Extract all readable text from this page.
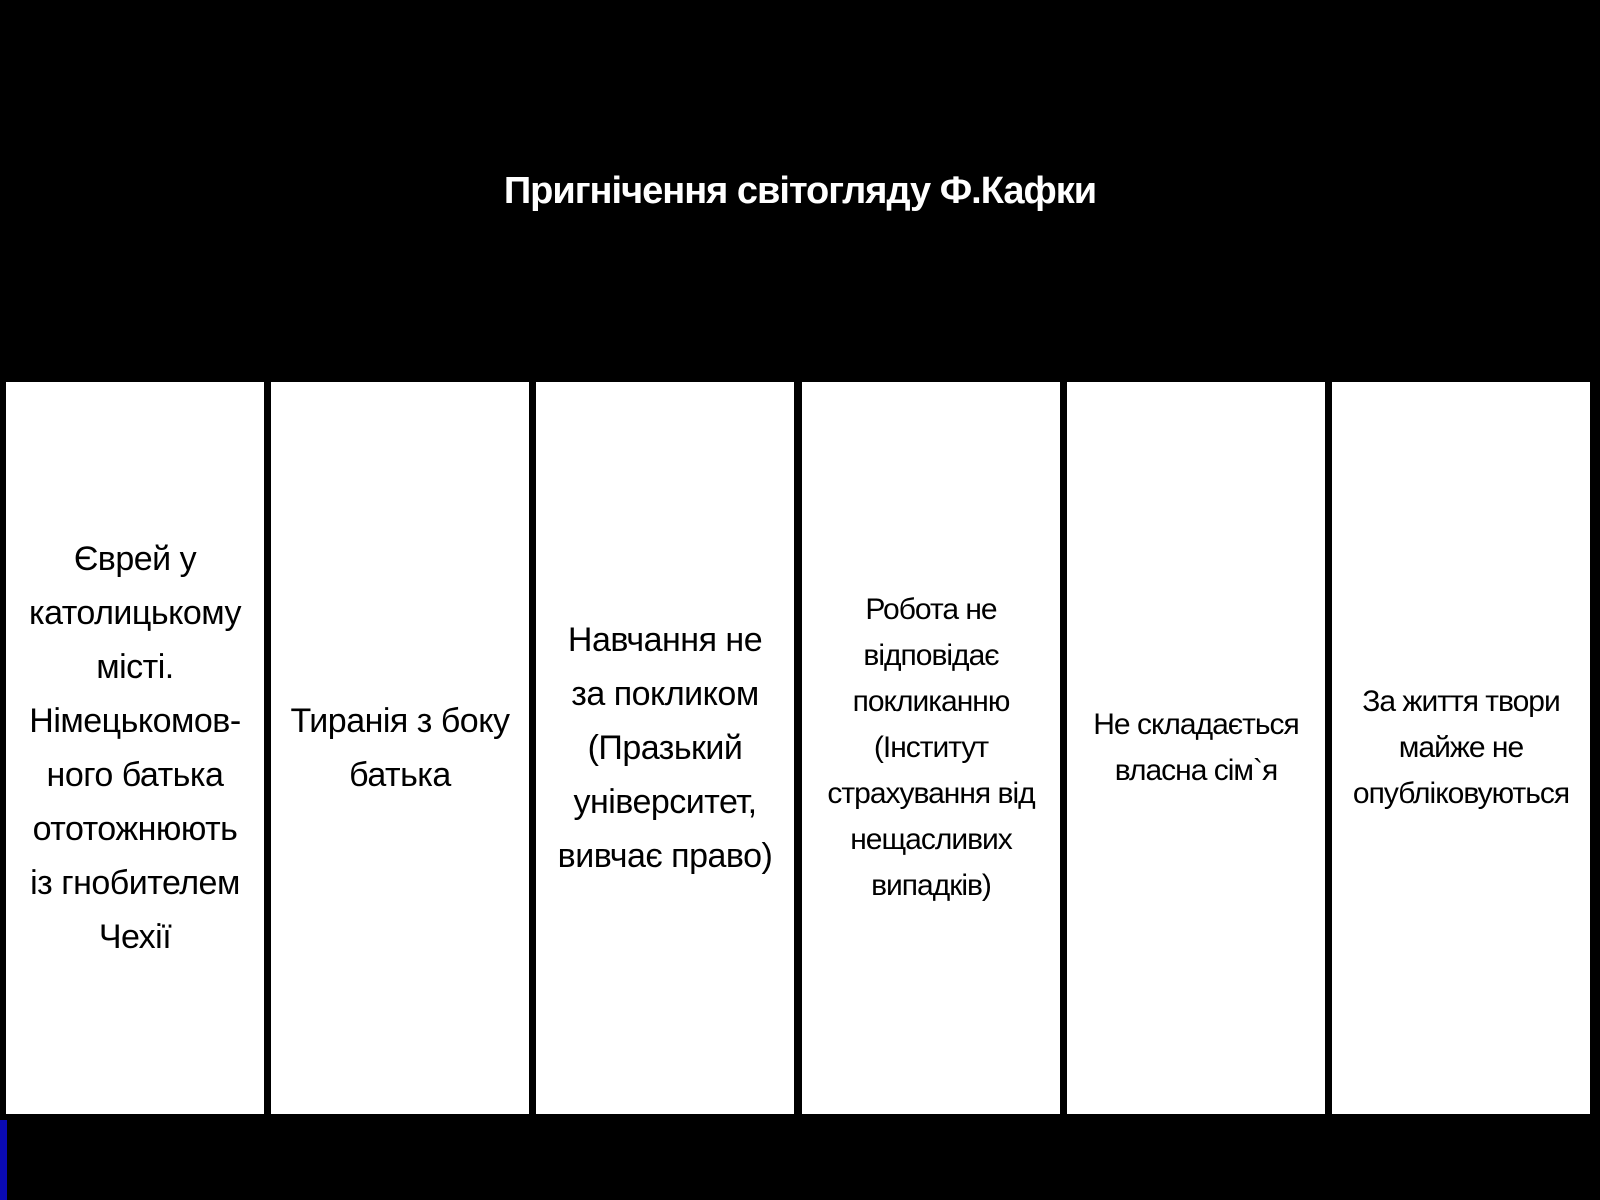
Пригнічення світогляду Ф.Кафки
Єврей у
католицькому
місті.
Німецькомов-
ного батька
ототожнюють
із гнобителем
Чехії
Тиранія з боку
батька
Навчання не
за покликом
(Празький
університет,
вивчає право)
Робота не
відповідає
покликанню
(Інститут
страхування від
нещасливих
випадків)
Не складається
власна сім`я
За життя твори
майже не
опубліковуються
